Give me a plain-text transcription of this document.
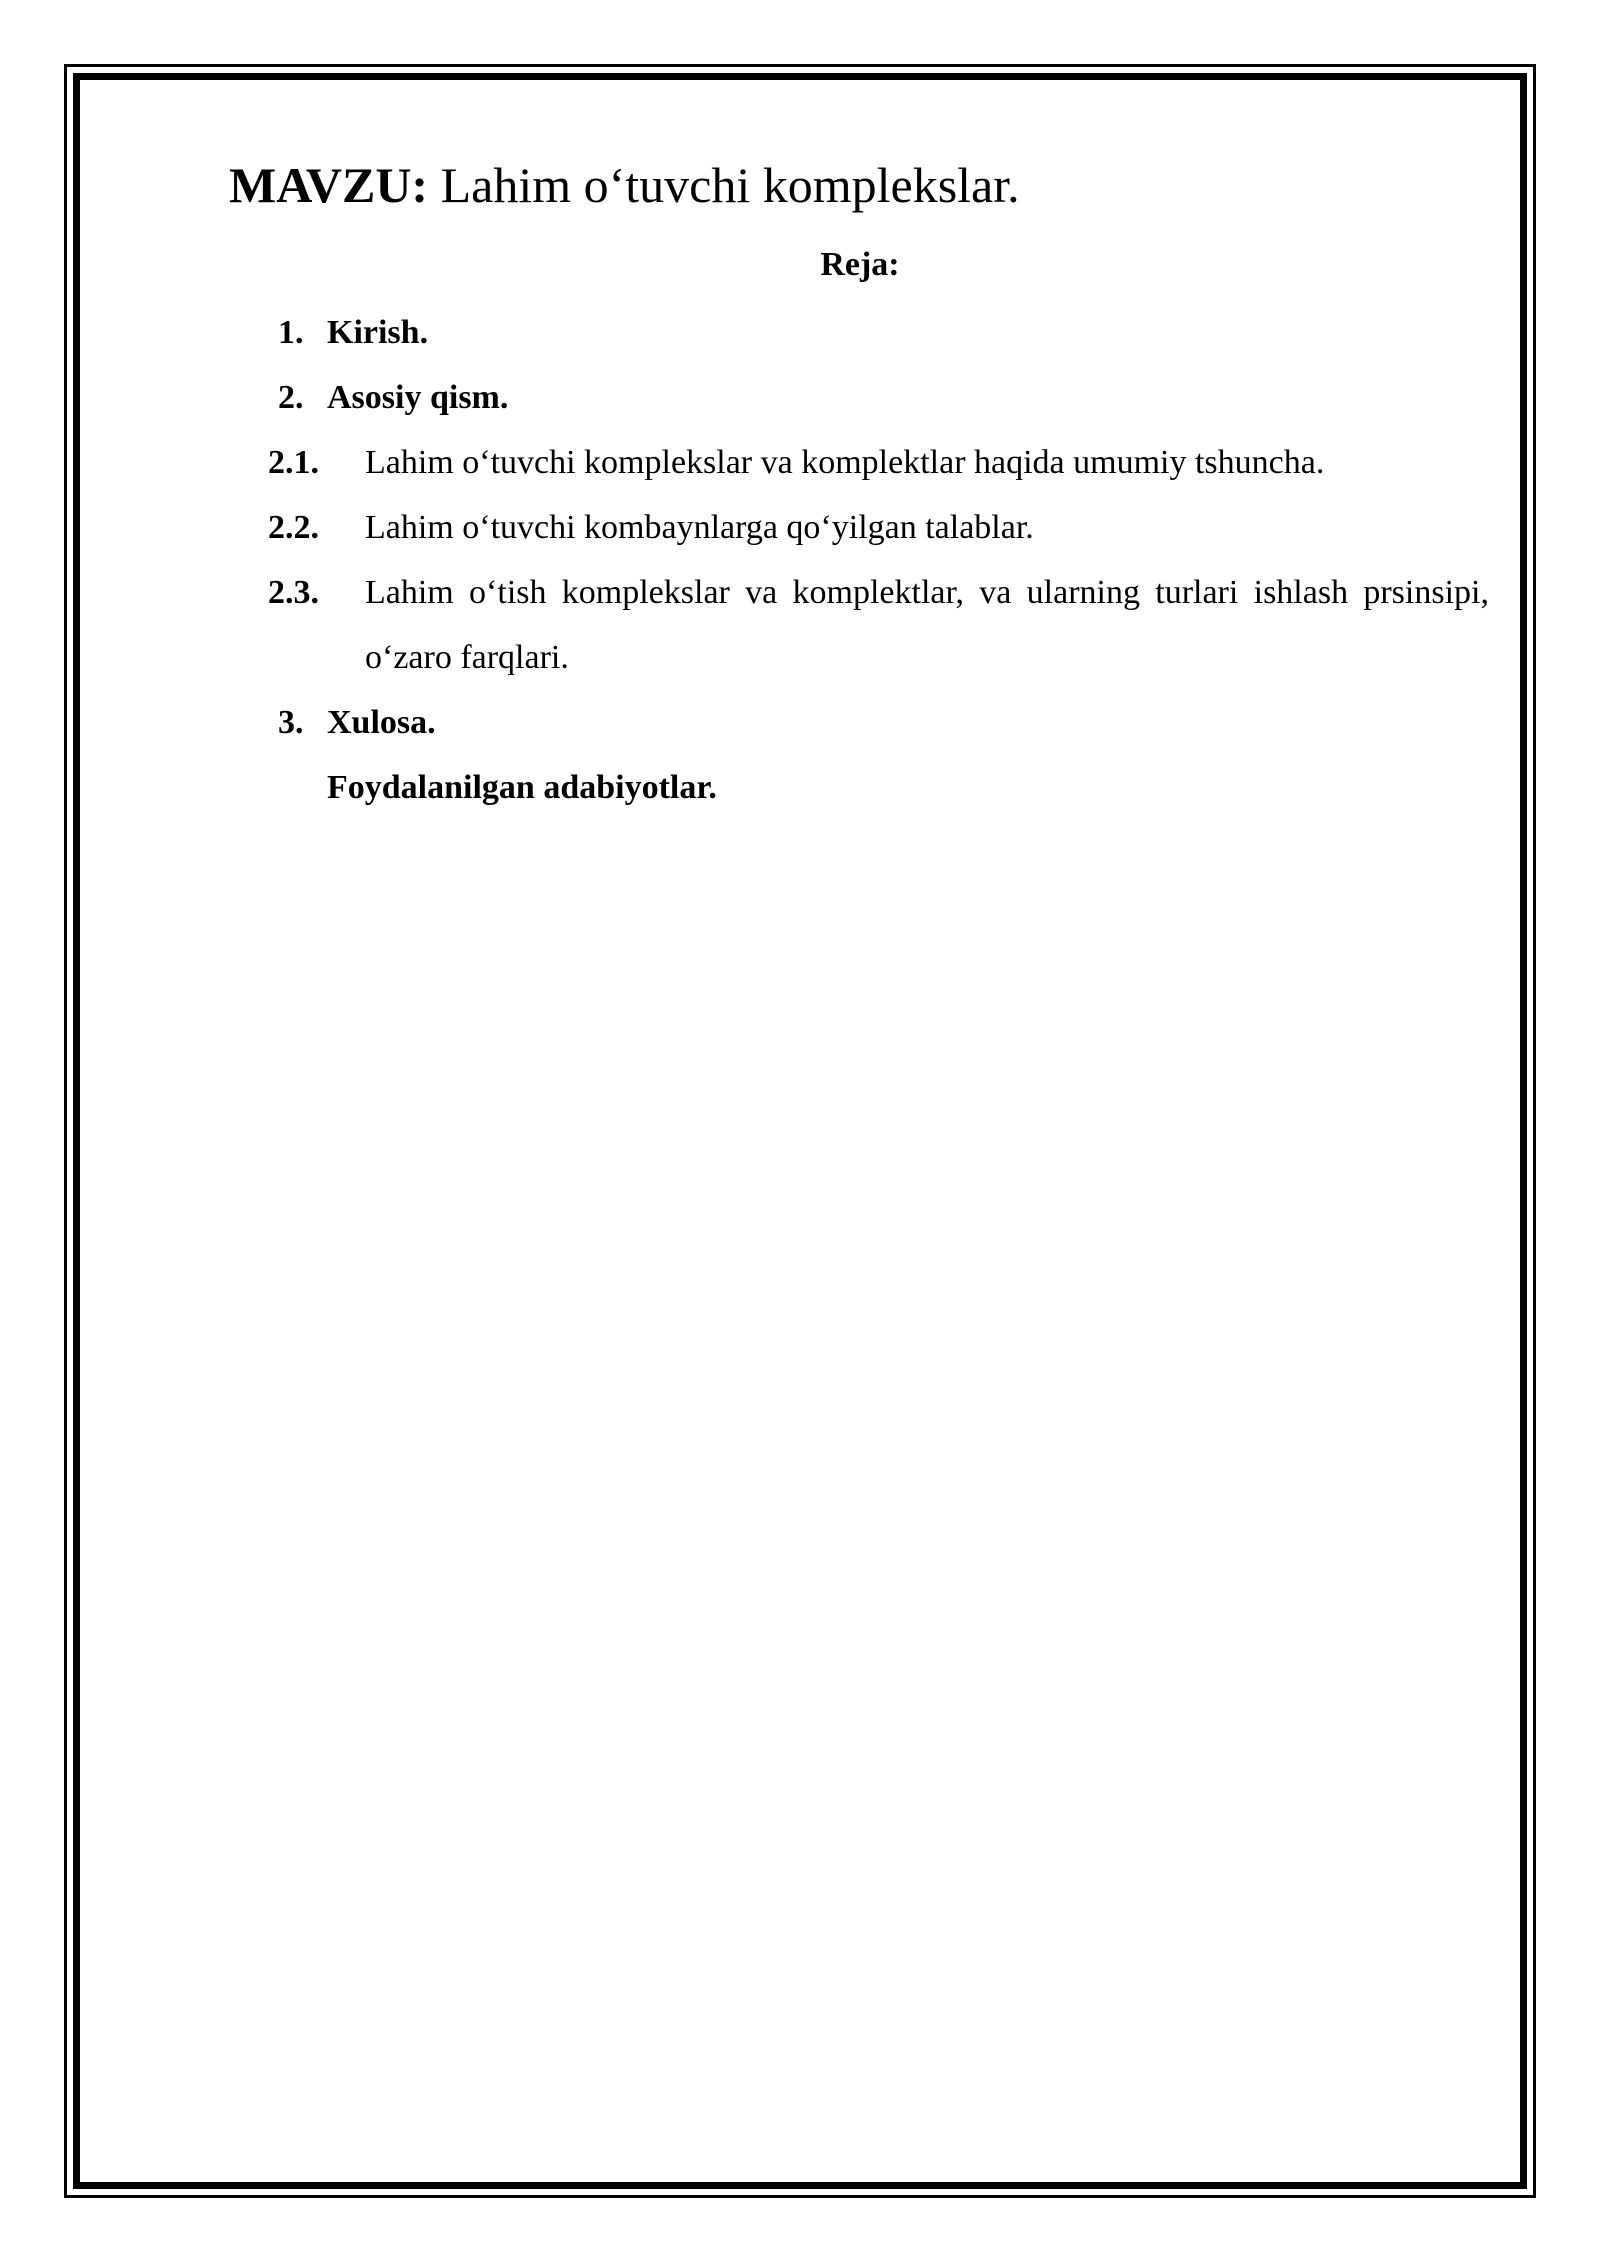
MAVZU: Lahim o‘tuvchi komplekslar.
Reja:
1. Kirish.
2. Asosiy qism.
2.1. Lahim o‘tuvchi komplekslar va komplektlar haqida umumiy tshuncha.
2.2. Lahim o‘tuvchi kombaynlarga qo‘yilgan talablar.
2.3. Lahim o‘tish komplekslar va komplektlar, va ularning turlari ishlash prsinsipi, o‘zaro farqlari.
3. Xulosa.
Foydalanilgan adabiyotlar.
